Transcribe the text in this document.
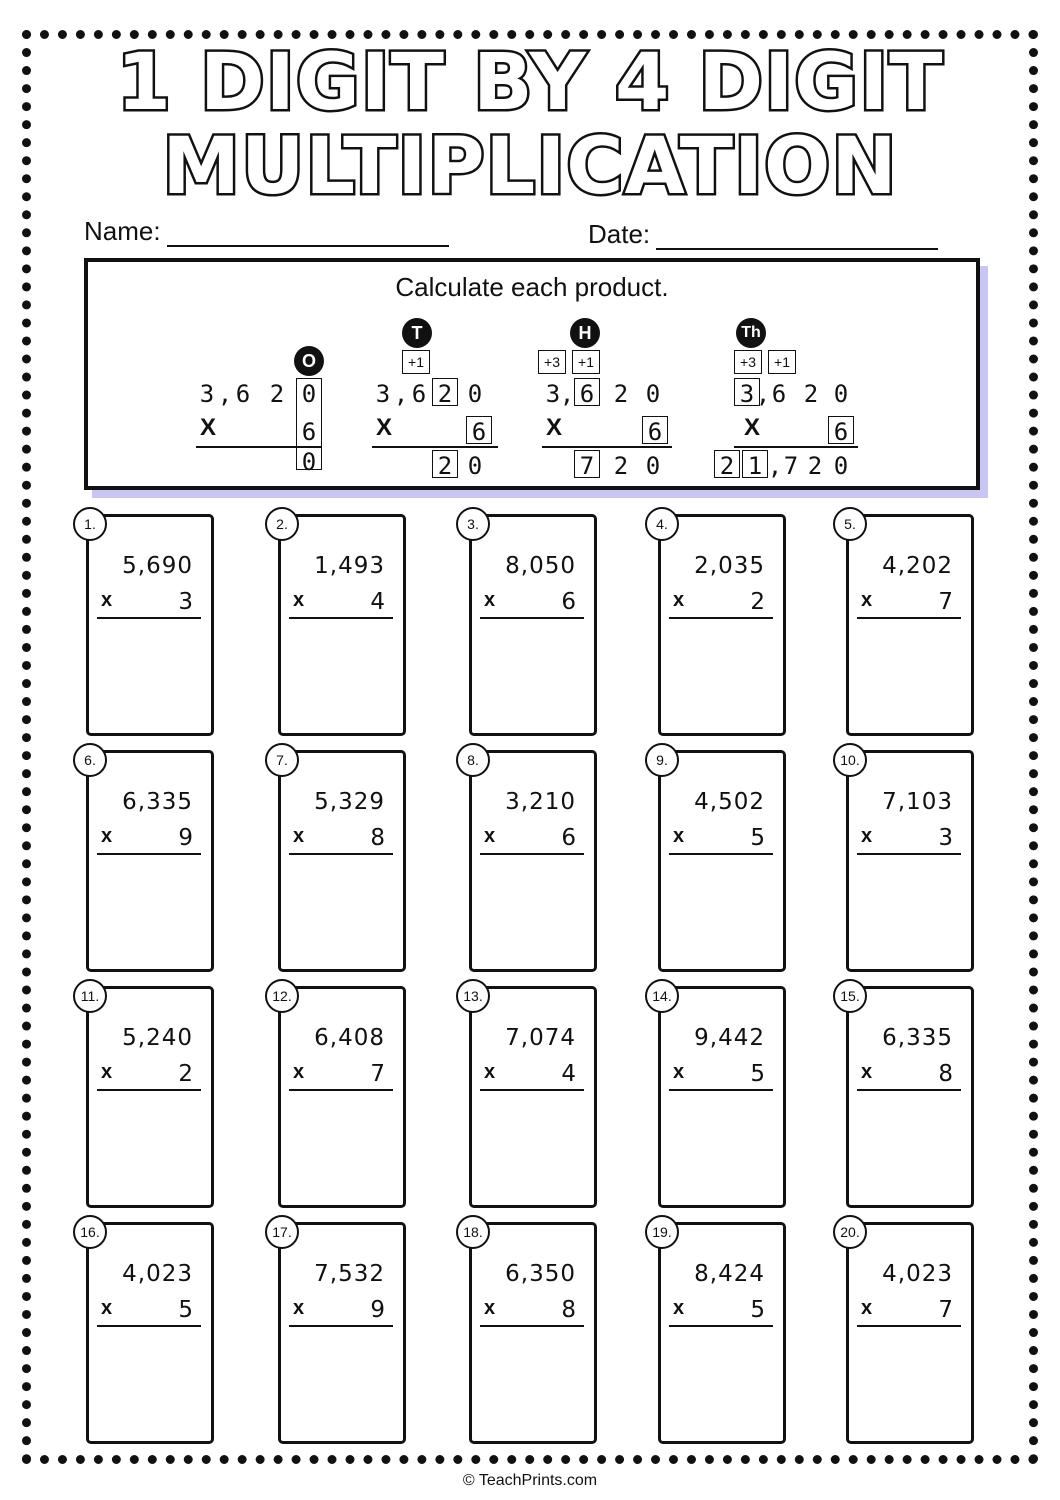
1 DIGIT BY 4 DIGIT
MULTIPLICATION
Name:	Date:
Calculate each product.
O
3 , 6 2 0
X	6
0
T
+1
3 , 6 2 0
X	6
2 0
H
+3	+1
3 , 6 2 0
X	6
7 2 0
Th
+3	+1
3 , 6 2 0
X	6
2 1 , 7 2 0
1.
5,690
x	3
2.
1,493
x	4
3.
8,050
x	6
4.
2,035
x	2
5.
4,202
x	7
6.
6,335
x	9
7.
5,329
x	8
8.
3,210
x	6
9.
4,502
x	5
10.
7,103
x	3
11.
5,240
x	2
12.
6,408
x	7
13.
7,074
x	4
14.
9,442
x	5
15.
6,335
x	8
16.
4,023
x	5
17.
7,532
x	9
18.
6,350
x	8
19.
8,424
x	5
20.
4,023
x	7
© TeachPrints.com
